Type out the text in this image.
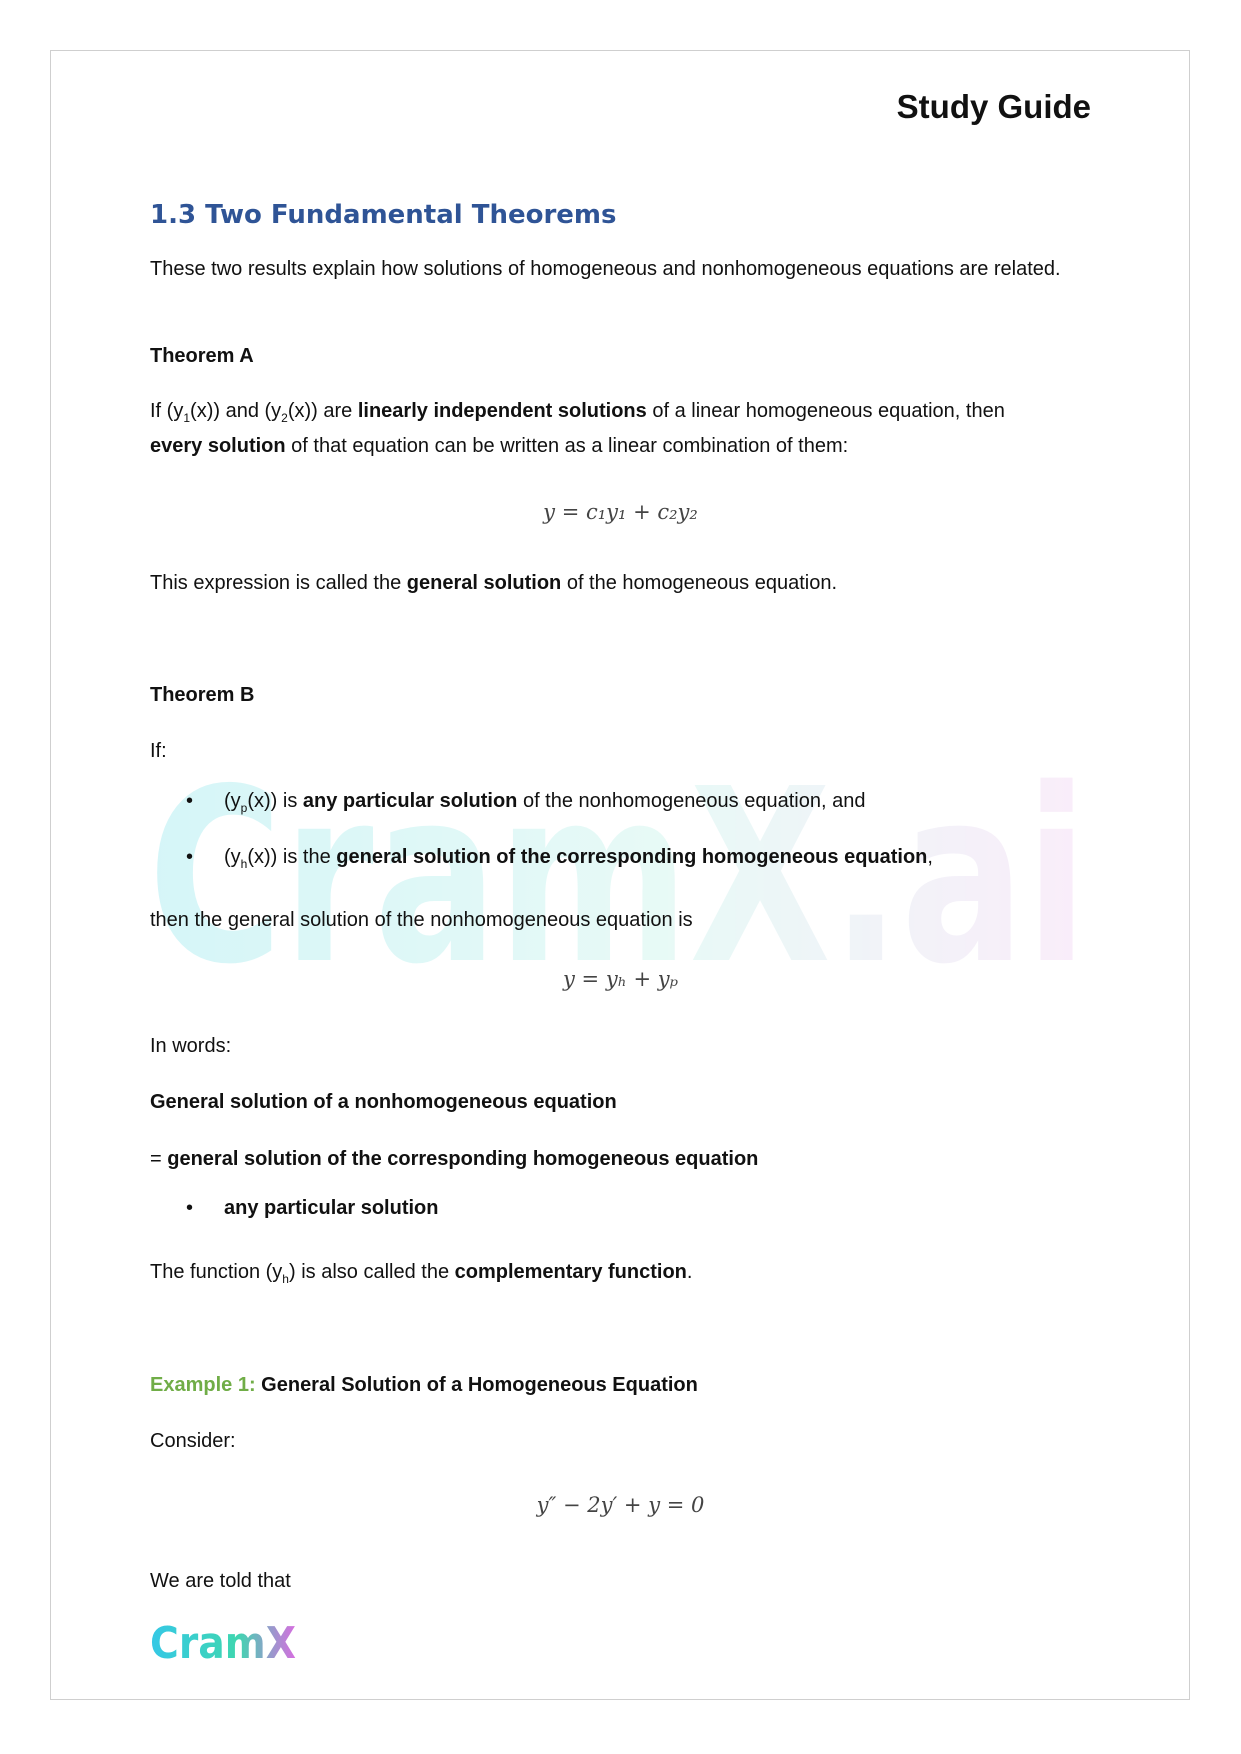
Study Guide
1.3 Two Fundamental Theorems
These two results explain how solutions of homogeneous and nonhomogeneous equations are related.
Theorem A
If $(y_1(x))$ and $(y_2(x))$ are linearly independent solutions of a linear homogeneous equation, then
every solution of that equation can be written as a linear combination of them:
y = c₁y₁ + c₂y₂
This expression is called the general solution of the homogeneous equation.
Theorem B
If:
CramX.ai
• $(y_p(x))$ is any particular solution of the nonhomogeneous equation, and
• $(y_h(x))$ is the general solution of the corresponding homogeneous equation,
then the general solution of the nonhomogeneous equation is
y = yₕ + yₚ
In words:
General solution of a nonhomogeneous equation
= general solution of the corresponding homogeneous equation
• any particular solution
The function $(y_h)$ is also called the complementary function.
Example 1: General Solution of a Homogeneous Equation
Consider:
y″ − 2y′ + y = 0
We are told that
CramX
